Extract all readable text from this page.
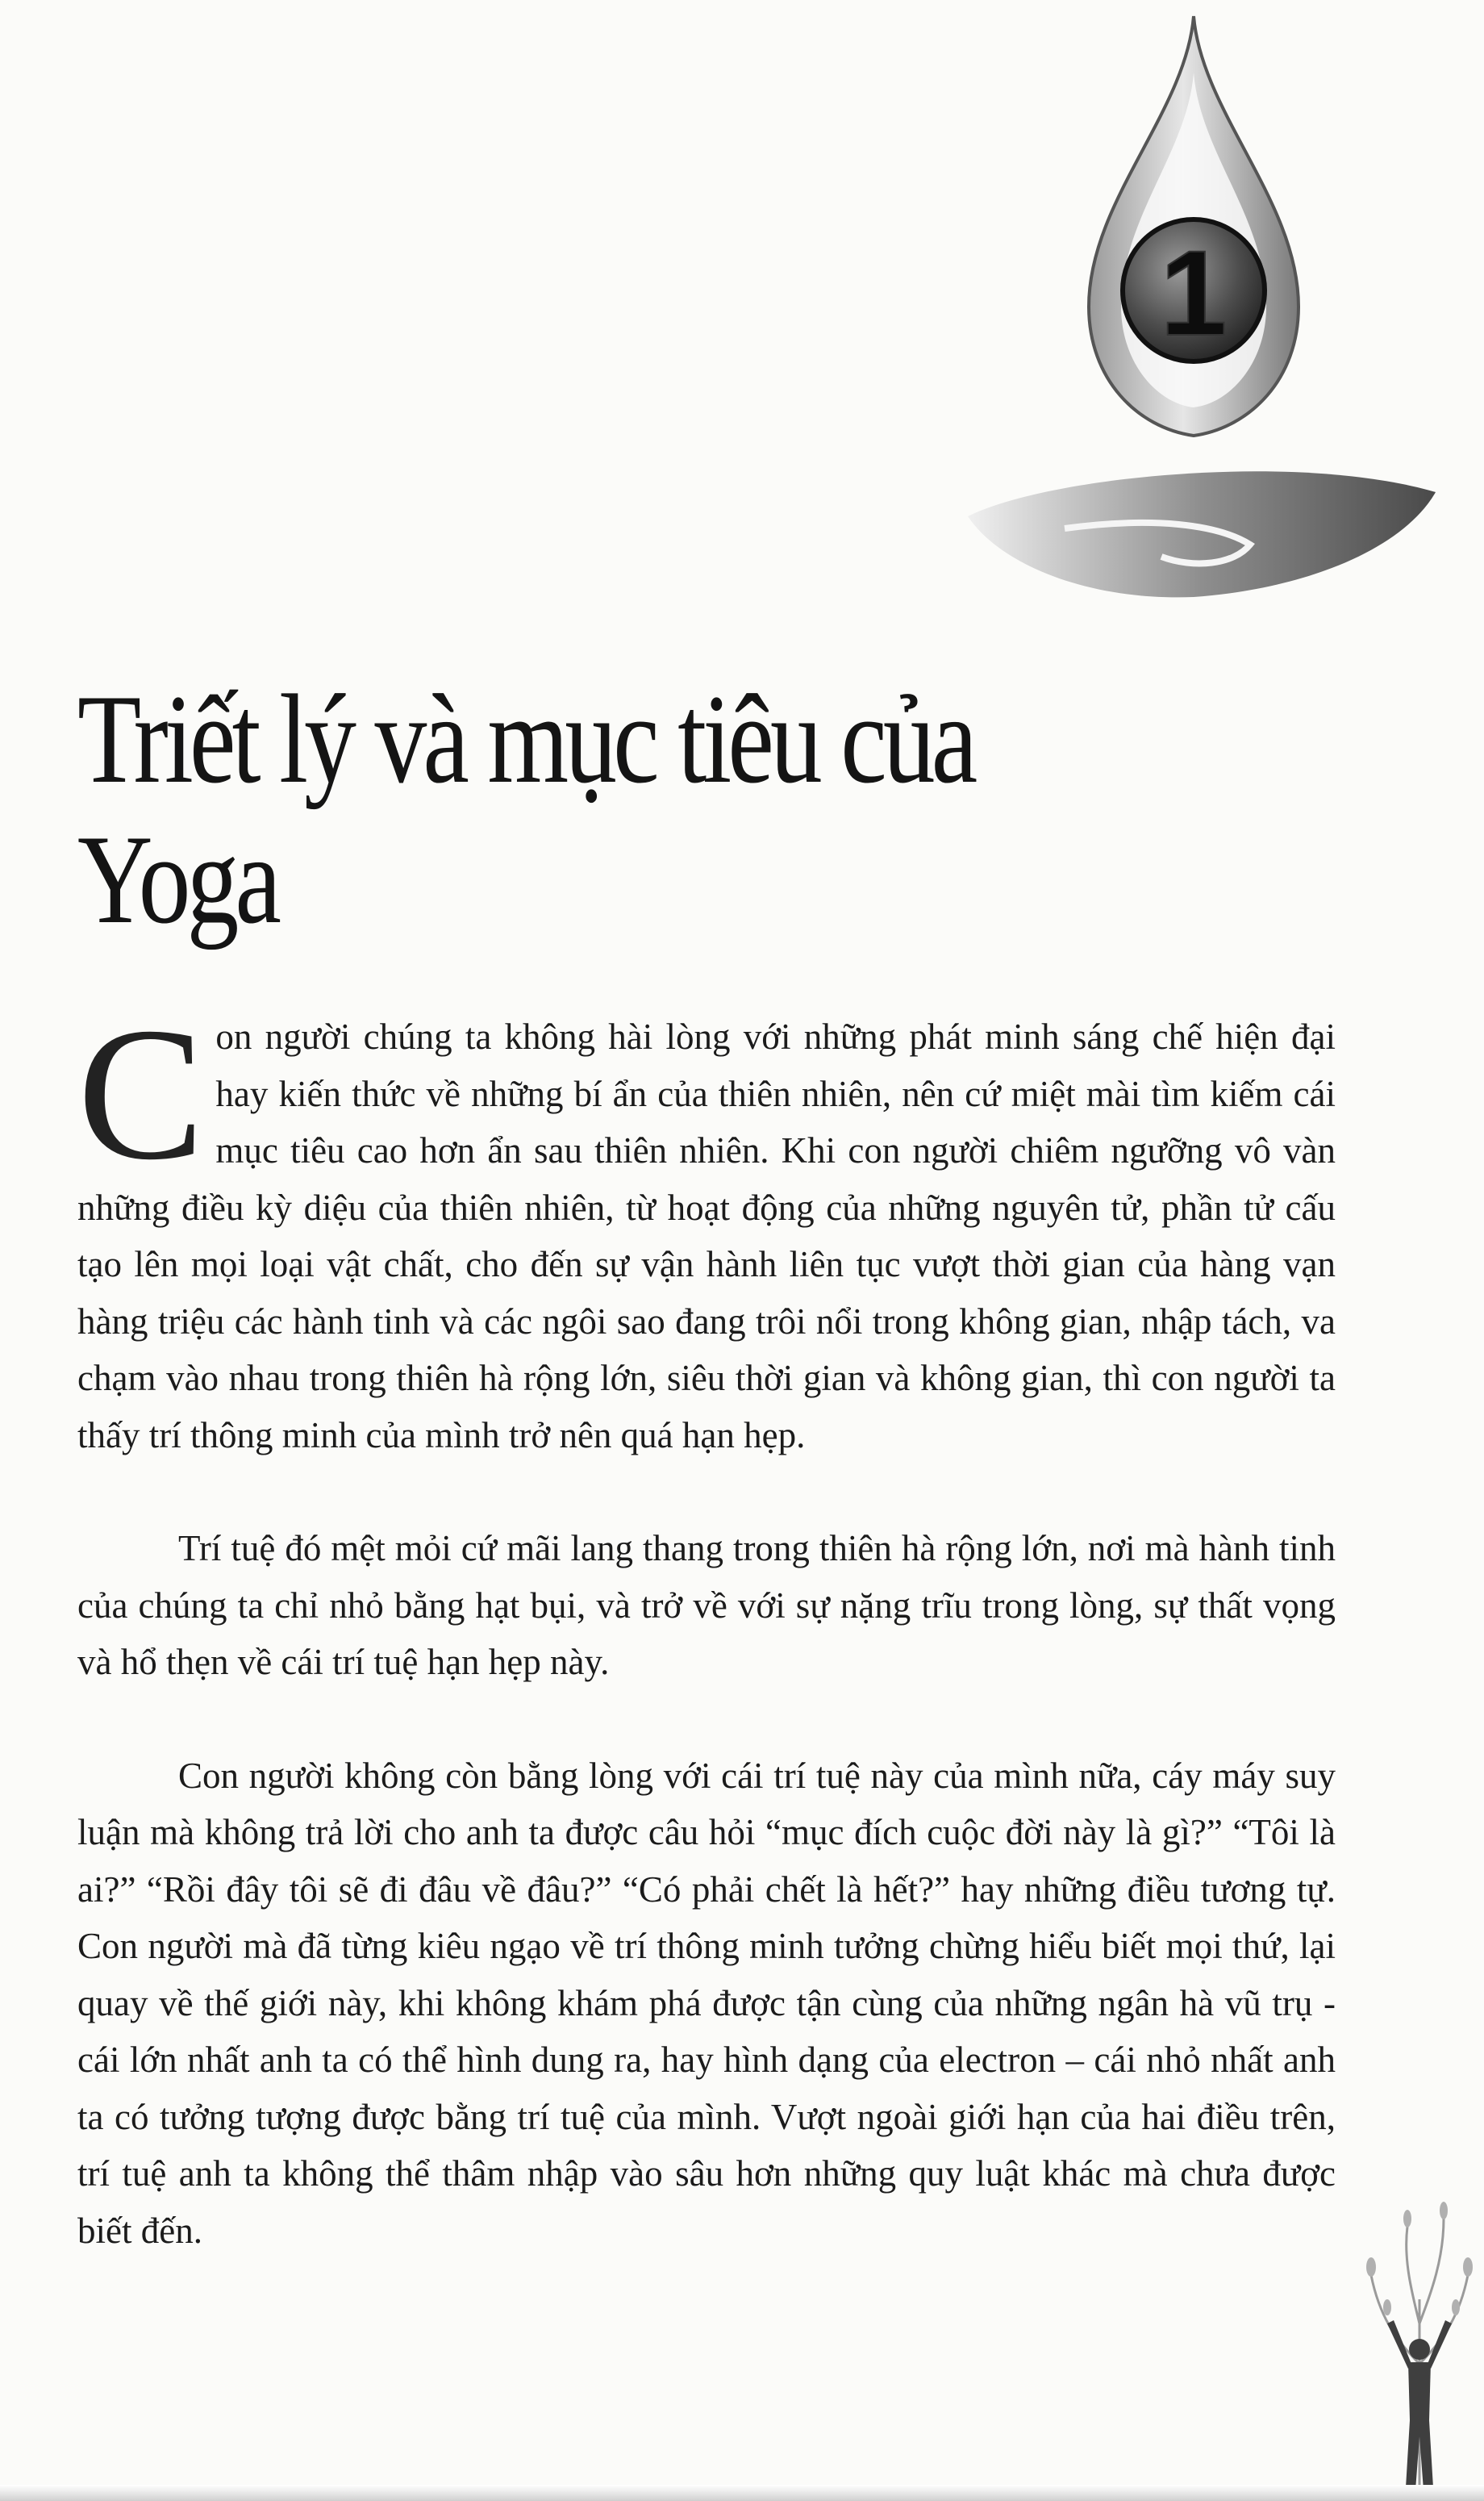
1
Triết lý và mục tiêu của Yoga

Con người chúng ta không hài lòng với những phát minh sáng chế hiện đại hay kiến thức về những bí ẩn của thiên nhiên, nên cứ miệt mài tìm kiếm cái mục tiêu cao hơn ẩn sau thiên nhiên. Khi con người chiêm ngưỡng vô vàn những điều kỳ diệu của thiên nhiên, từ hoạt động của những nguyên tử, phần tử cấu tạo lên mọi loại vật chất, cho đến sự vận hành liên tục vượt thời gian của hàng vạn hàng triệu các hành tinh và các ngôi sao đang trôi nổi trong không gian, nhập tách, va chạm vào nhau trong thiên hà rộng lớn, siêu thời gian và không gian, thì con người ta thấy trí thông minh của mình trở nên quá hạn hẹp.

Trí tuệ đó mệt mỏi cứ mãi lang thang trong thiên hà rộng lớn, nơi mà hành tinh của chúng ta chỉ nhỏ bằng hạt bụi, và trở về với sự nặng trĩu trong lòng, sự thất vọng và hổ thẹn về cái trí tuệ hạn hẹp này.

Con người không còn bằng lòng với cái trí tuệ này của mình nữa, cáy máy suy luận mà không trả lời cho anh ta được câu hỏi “mục đích cuộc đời này là gì?” “Tôi là ai?” “Rồi đây tôi sẽ đi đâu về đâu?” “Có phải chết là hết?” hay những điều tương tự. Con người mà đã từng kiêu ngạo về trí thông minh tưởng chừng hiểu biết mọi thứ, lại quay về thế giới này, khi không khám phá được tận cùng của những ngân hà vũ trụ - cái lớn nhất anh ta có thể hình dung ra, hay hình dạng của electron – cái nhỏ nhất anh ta có tưởng tượng được bằng trí tuệ của mình. Vượt ngoài giới hạn của hai điều trên, trí tuệ anh ta không thể thâm nhập vào sâu hơn những quy luật khác mà chưa được biết đến.
